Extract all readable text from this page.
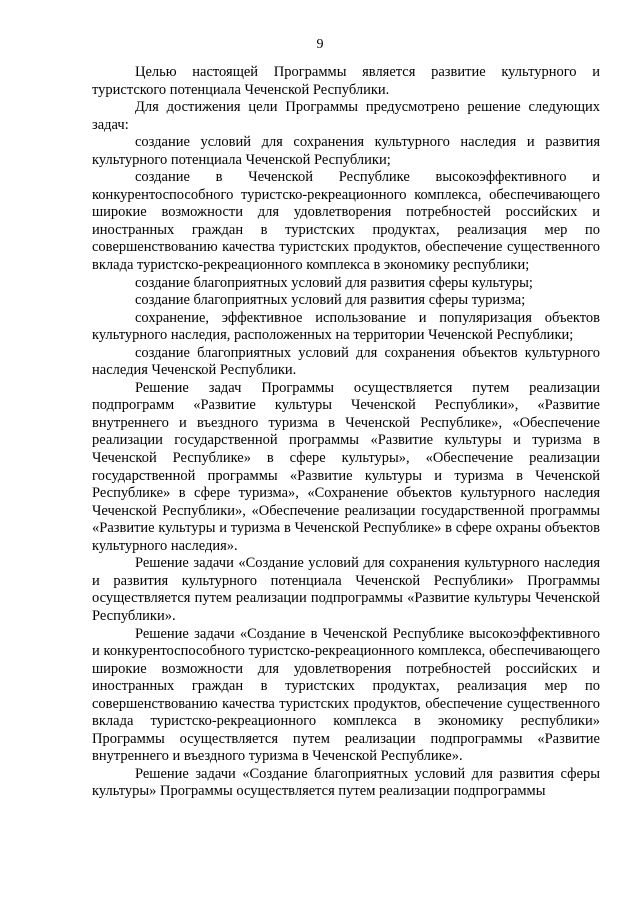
9

Целью настоящей Программы является развитие культурного и туристского потенциала Чеченской Республики.

Для достижения цели Программы предусмотрено решение следующих задач:

создание условий для сохранения культурного наследия и развития культурного потенциала Чеченской Республики;

создание в Чеченской Республике высокоэффективного и конкурентоспособного туристско-рекреационного комплекса, обеспечивающего широкие возможности для удовлетворения потребностей российских и иностранных граждан в туристских продуктах, реализация мер по совершенствованию качества туристских продуктов, обеспечение существенного вклада туристско-рекреационного комплекса в экономику республики;

создание благоприятных условий для развития сферы культуры;

создание благоприятных условий для развития сферы туризма;

сохранение, эффективное использование и популяризация объектов культурного наследия, расположенных на территории Чеченской Республики;

создание благоприятных условий для сохранения объектов культурного наследия Чеченской Республики.

Решение задач Программы осуществляется путем реализации подпрограмм «Развитие культуры Чеченской Республики», «Развитие внутреннего и въездного туризма в Чеченской Республике», «Обеспечение реализации государственной программы «Развитие культуры и туризма в Чеченской Республике» в сфере культуры», «Обеспечение реализации государственной программы «Развитие культуры и туризма в Чеченской Республике» в сфере туризма», «Сохранение объектов культурного наследия Чеченской Республики», «Обеспечение реализации государственной программы «Развитие культуры и туризма в Чеченской Республике» в сфере охраны объектов культурного наследия».

Решение задачи «Создание условий для сохранения культурного наследия и развития культурного потенциала Чеченской Республики» Программы осуществляется путем реализации подпрограммы «Развитие культуры Чеченской Республики».

Решение задачи «Создание в Чеченской Республике высокоэффективного и конкурентоспособного туристско-рекреационного комплекса, обеспечивающего широкие возможности для удовлетворения потребностей российских и иностранных граждан в туристских продуктах, реализация мер по совершенствованию качества туристских продуктов, обеспечение существенного вклада туристско-рекреационного комплекса в экономику республики» Программы осуществляется путем реализации подпрограммы «Развитие внутреннего и въездного туризма в Чеченской Республике».

Решение задачи «Создание благоприятных условий для развития сферы культуры» Программы осуществляется путем реализации подпрограммы
